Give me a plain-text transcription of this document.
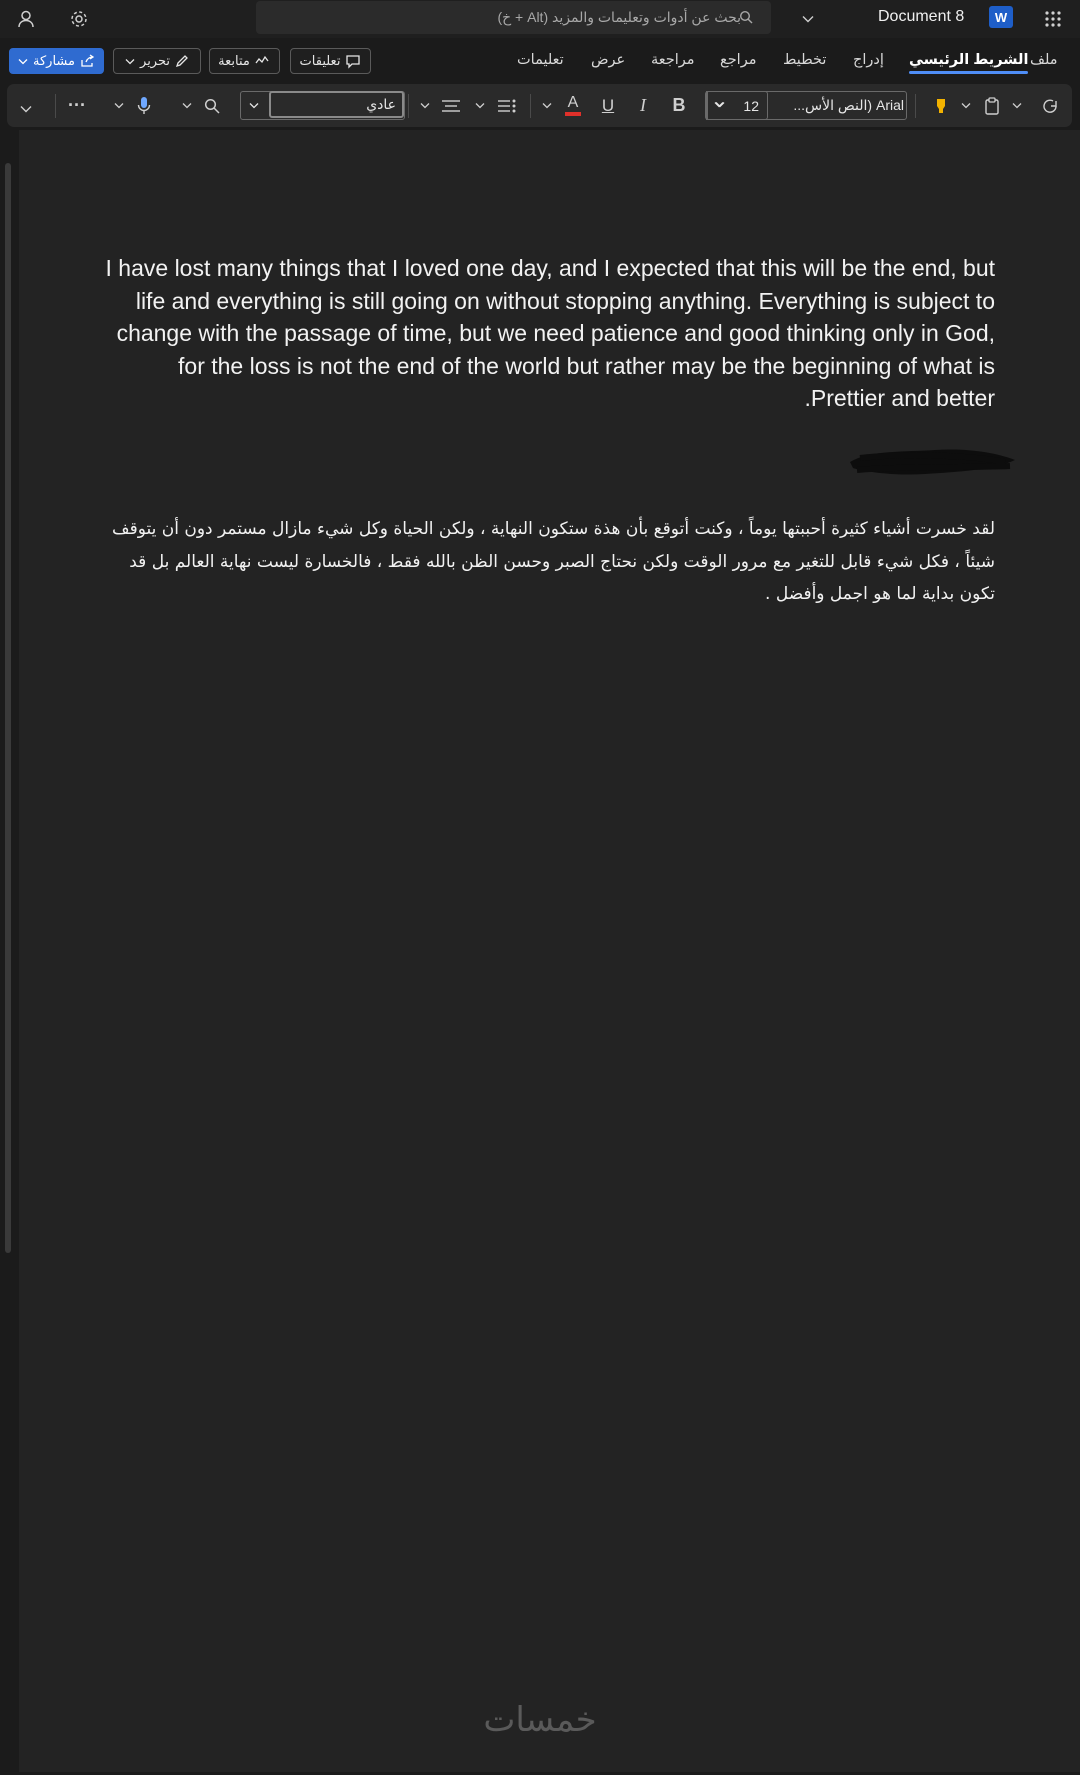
بحث عن أدوات وتعليمات والمزيد (Alt + خ)	Document 8	W
ملف
الشريط الرئيسي
إدراج
تخطيط
مراجع
مراجعة
عرض
تعليمات
تعليقات
متابعة
تحرير
مشاركة
Arial (النص الأس...
12
B
I
U
A
عادي
···

I have lost many things that I loved one day, and I expected that this will be the end, but life and everything is still going on without stopping anything. Everything is subject to change with the passage of time, but we need patience and good thinking only in God, for the loss is not the end of the world but rather may be the beginning of what is Prettier and better.

لقد خسرت أشياء كثيرة أحببتها يوماً ، وكنت أتوقع بأن هذة ستكون النهاية ، ولكن الحياة وكل شيء مازال مستمر دون أن يتوقف شيئاً ، فكل شيء قابل للتغير مع مرور الوقت ولكن نحتاج الصبر وحسن الظن بالله فقط ، فالخسارة ليست نهاية العالم بل قد تكون بداية لما هو اجمل وأفضل .

خمسات
